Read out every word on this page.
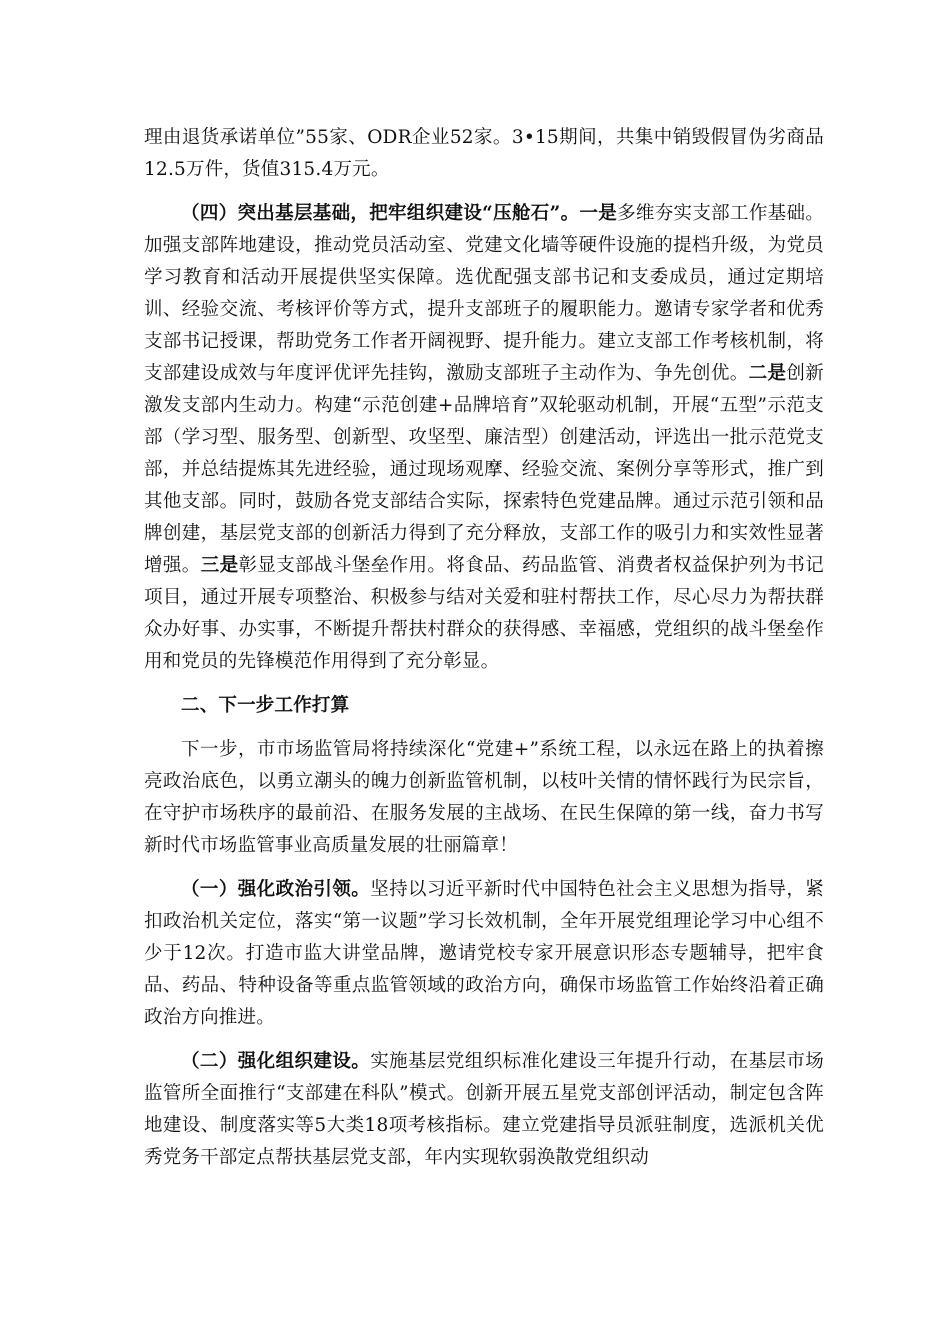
理由退货承诺单位”55家、ODR企业52家。3•15期间，共集中销毁假冒伪劣商品12.5万件，货值315.4万元。

（四）突出基层基础，把牢组织建设“压舱石”。一是多维夯实支部工作基础。加强支部阵地建设，推动党员活动室、党建文化墙等硬件设施的提档升级，为党员学习教育和活动开展提供坚实保障。选优配强支部书记和支委成员，通过定期培训、经验交流、考核评价等方式，提升支部班子的履职能力。邀请专家学者和优秀支部书记授课，帮助党务工作者开阔视野、提升能力。建立支部工作考核机制，将支部建设成效与年度评优评先挂钩，激励支部班子主动作为、争先创优。二是创新激发支部内生动力。构建“示范创建+品牌培育”双轮驱动机制，开展“五型”示范支部（学习型、服务型、创新型、攻坚型、廉洁型）创建活动，评选出一批示范党支部，并总结提炼其先进经验，通过现场观摩、经验交流、案例分享等形式，推广到其他支部。同时，鼓励各党支部结合实际，探索特色党建品牌。通过示范引领和品牌创建，基层党支部的创新活力得到了充分释放，支部工作的吸引力和实效性显著增强。三是彰显支部战斗堡垒作用。将食品、药品监管、消费者权益保护列为书记项目，通过开展专项整治、积极参与结对关爱和驻村帮扶工作，尽心尽力为帮扶群众办好事、办实事，不断提升帮扶村群众的获得感、幸福感，党组织的战斗堡垒作用和党员的先锋模范作用得到了充分彰显。

二、下一步工作打算

下一步，市市场监管局将持续深化“党建+”系统工程，以永远在路上的执着擦亮政治底色，以勇立潮头的魄力创新监管机制，以枝叶关情的情怀践行为民宗旨，在守护市场秩序的最前沿、在服务发展的主战场、在民生保障的第一线，奋力书写新时代市场监管事业高质量发展的壮丽篇章！

（一）强化政治引领。坚持以习近平新时代中国特色社会主义思想为指导，紧扣政治机关定位，落实“第一议题”学习长效机制，全年开展党组理论学习中心组不少于12次。打造市监大讲堂品牌，邀请党校专家开展意识形态专题辅导，把牢食品、药品、特种设备等重点监管领域的政治方向，确保市场监管工作始终沿着正确政治方向推进。

（二）强化组织建设。实施基层党组织标准化建设三年提升行动，在基层市场监管所全面推行“支部建在科队”模式。创新开展五星党支部创评活动，制定包含阵地建设、制度落实等5大类18项考核指标。建立党建指导员派驻制度，选派机关优秀党务干部定点帮扶基层党支部，年内实现软弱涣散党组织动
